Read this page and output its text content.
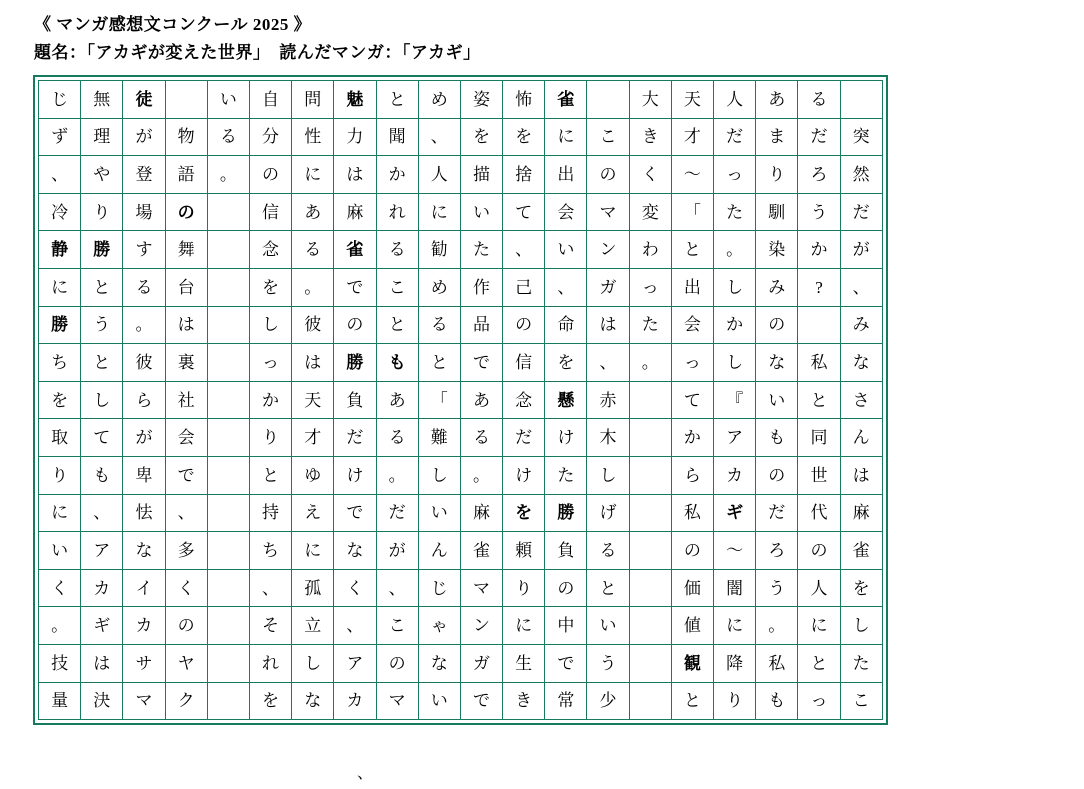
《 マンガ感想文コンクール 2025 》
題名：「アカギが変えた世界」　読んだマンガ：「アカギ」
じ	無	徒		い	自	問	魅	と	め	姿	怖	雀		大	天	人	あ	る	
ず	理	が	物	る	分	性	力	聞	、	を	を	に	こ	き	才	だ	ま	だ	突
、	や	登	語	。	の	に	は	か	人	描	捨	出	の	く	～	っ	り	ろ	然
冷	り	場	の		信	あ	麻	れ	に	い	て	会	マ	変	「	た	馴	う	だ
静	勝	す	舞		念	る	雀	る	勧	た	、	い	ン	わ	と	。	染	か	が
に	と	る	台		を	。	で	こ	め	作	己	、	ガ	っ	出	し	み	?	、
勝	う	。	は		し	彼	の	と	る	品	の	命	は	た	会	か	の		み
ち	と	彼	裏		っ	は	勝	も	と	で	信	を	、	。	っ	し	な	私	な
を	し	ら	社		か	天	負	あ	「	あ	念	懸	赤		て	『	い	と	さ
取	て	が	会		り	才	だ	る	難	る	だ	け	木		か	ア	も	同	ん
り	も	卑	で		と	ゆ	け	。	し	。	け	た	し		ら	カ	の	世	は
に	、	怯	、		持	え	で	だ	い	麻	を	勝	げ		私	ギ	だ	代	麻
い	ア	な	多		ち	に	な	が	ん	雀	頼	負	る		の	～	ろ	の	雀
く	カ	イ	く		、	孤	く	、	じ	マ	り	の	と		価	闇	う	人	を
。	ギ	カ	の		そ	立	、	こ	ゃ	ン	に	中	い		値	に	。	に	し
技	は	サ	ヤ		れ	し	ア	の	な	ガ	生	で	う		観	降	私	と	た
量	決	マ	ク		を	な	カ	マ	い	で	き	常	少		と	り	も	っ	こ
、
